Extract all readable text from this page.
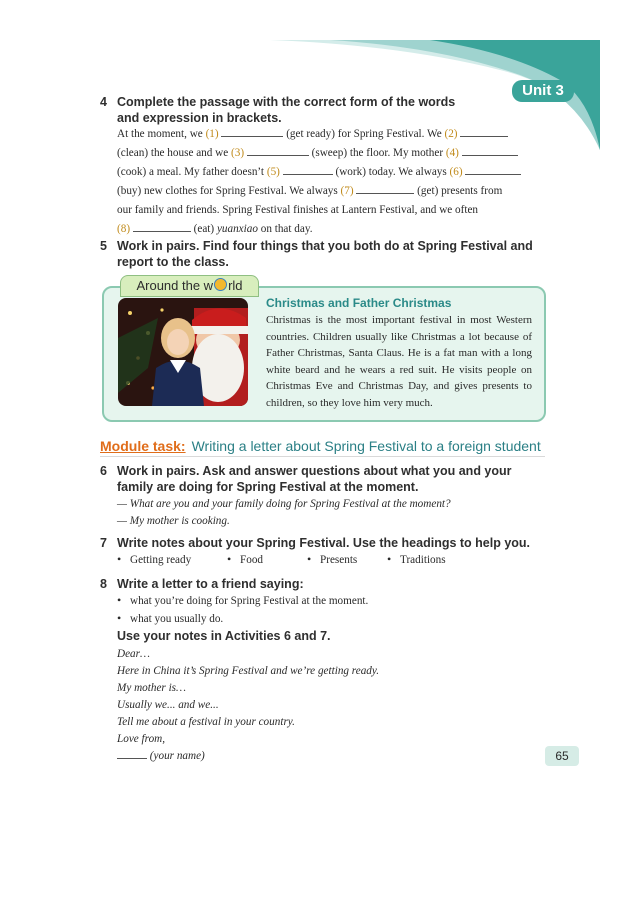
Unit 3
4 Complete the passage with the correct form of the words and expression in brackets.
At the moment, we (1)	(get ready) for Spring Festival. We (2)
(clean) the house and we (3)	(sweep) the floor. My mother (4)
(cook) a meal. My father doesn’t (5)	(work) today. We always (6)
(buy) new clothes for Spring Festival. We always (7)	(get) presents from
our family and friends. Spring Festival finishes at Lantern Festival, and we often
(8)	(eat) yuanxiao on that day.
5 Work in pairs. Find four things that you both do at Spring Festival and report to the class.
Around the w rld
Christmas and Father Christmas
Christmas is the most important festival in most Western countries. Children usually like Christmas a lot because of Father Christmas, Santa Claus. He is a fat man with a long white beard and he wears a red suit. He visits people on Christmas Eve and Christmas Day, and gives presents to children, so they love him very much.
Module task: Writing a letter about Spring Festival to a foreign student
6 Work in pairs. Ask and answer questions about what you and your family are doing for Spring Festival at the moment.
— What are you and your family doing for Spring Festival at the moment?
— My mother is cooking.
7 Write notes about your Spring Festival. Use the headings to help you.
•Getting ready •	Food •	Presents •	Traditions
8 Write a letter to a friend saying:
•what you’re doing for Spring Festival at the moment.
•what you usually do.
Use your notes in Activities 6 and 7.
Dear…
Here in China it’s Spring Festival and we’re getting ready.
My mother is…
Usually we... and we...
Tell me about a festival in your country.
Love from,
(your name)	65
